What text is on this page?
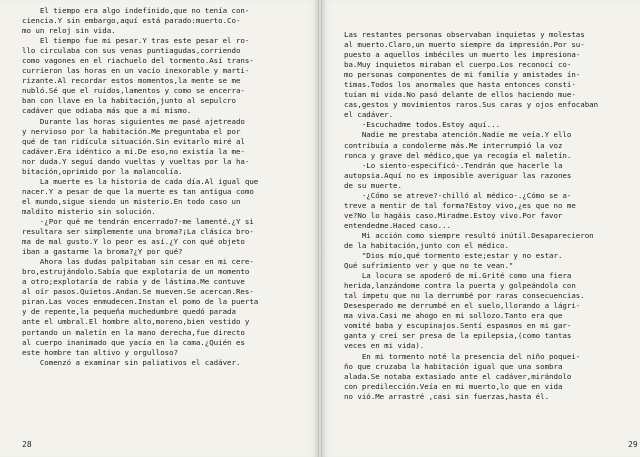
El tiempo era algo indefinido,que no tenía con-
ciencia.Y sin embargo,aquí está parado:muerto.Co-
mo un reloj sin vida.
El tiempo fue mi pesar.Y tras este pesar el ro-
llo circulaba con sus venas puntiagudas,corriendo
como vagones en el riachuelo del tormento.Así trans-
currieron las horas en un vacío inexorable y marti-
rizante.Al recordar estos momentos,la mente se me
nubló.Sé que el ruidos,lamentos y como se encerra-
ban con llave en la habitación,junto al sepulcro
cadáver que odiaba más que a mí mismo.
Durante las horas siguientes me pasé ajetreado
y nervioso por la habitación.Me preguntaba el por
qué de tan ridícula situación.Sin evitarlo miré al
cadáver.Era idéntico a mí.De eso,no existía la me-
nor duda.Y seguí dando vueltas y vueltas por la ha-
bitación,oprimido por la malancolía.
La muerte es la historia de cada día.Al igual que
nacer.Y a pesar de que la muerte es tan antigua como
el mundo,sigue siendo un misterio.En todo caso un
maldito misterio sin solución.
-¿Por qué me tendrán encerrado?-me lamenté.¿Y si
resultara ser simplemente una broma?¡La clásica bro-
ma de mal gusto.Y lo peor es así.¿Y con qué objeto
iban a gastarme la broma?¿Y por qué?
Ahora las dudas palpitaban sin cesar en mi cere-
bro,estrujándolo.Sabía que explotaría de un momento
a otro;explotaría de rabia y de lástima.Me contuve
al oír pasos.Quietos.Andan.Se mueven.Se acercan.Res-
piran.Las voces enmudecen.Instan el pomo de la puerta
y de repente,la pequeña muchedumbre quedó parada
ante el umbral.El hombre alto,moreno,bien vestido y
portando un maletín en la mano derecha,fue directo
al cuerpo inanimado que yacía en la cama.¿Quién es
este hombre tan altivo y orgulloso?
Comenzó a examinar sin paliativos el cadáver.
28
Las restantes personas observaban inquietas y molestas
al muerto.Claro,un muerto siempre da impresión.Por su-
puesto a aquellos imbéciles un muerto les impresiona-
ba.Muy inquietos miraban el cuerpo.Los reconocí co-
mo personas componentes de mi familia y amistades ín-
timas.Todos los anormales que hasta entonces consti-
tuían mi vida.No pasó delante de ellos haciendo mue-
cas,gestos y movimientos raros.Sus caras y ojos enfocaban
el cadáver.
-Escuchadme todos.Estoy aquí...
Nadie me prestaba atención.Nadie me veía.Y ello
contribuía a condolerme más.Me interrumpió la voz
ronca y grave del médico,que ya recogía el maletín.
-Lo siento-especificó-.Tendrán que hacerle la
autopsia.Aquí no es imposible averiguar las razones
de su muerte.
-¿Cómo se atreve?-chilló al médico-.¿Cómo se a-
treve a mentir de tal forma?Estoy vivo,¿es que no me
ve?No lo hagáis caso.Miradme.Estoy vivo.Por favor
entendedme.Haced caso...
Mi acción como siempre resultó inútil.Desaparecieron
de la habitación,junto con el médico.
"Dios mío,qué tormento este;estar y no estar.
Qué sufrimiento ver y que no te vean."
La locura se apoderó de mí.Grité como una fiera
herida,lanzándome contra la puerta y golpeándola con
tal ímpetu que no la derrumbé por raras consecuencias.
Desesperado me derrumbé en el suelo,llorando a lágri-
ma viva.Casi me ahogo en mi sollozo.Tanto era que
vomité baba y escupinajos.Sentí espasmos en mi gar-
ganta y creí ser presa de la epilepsia,(como tantas
veces en mi vida).
En mi tormento noté la presencia del niño poquei-
ño que cruzaba la habitación igual que una sombra
alada.Se notaba extasiado ante el cadáver,mirándolo
con predilección.Veía en mi muerto,lo que en vida
no vió.Me arrastré ,casi sin fuerzas,hasta él.
29
